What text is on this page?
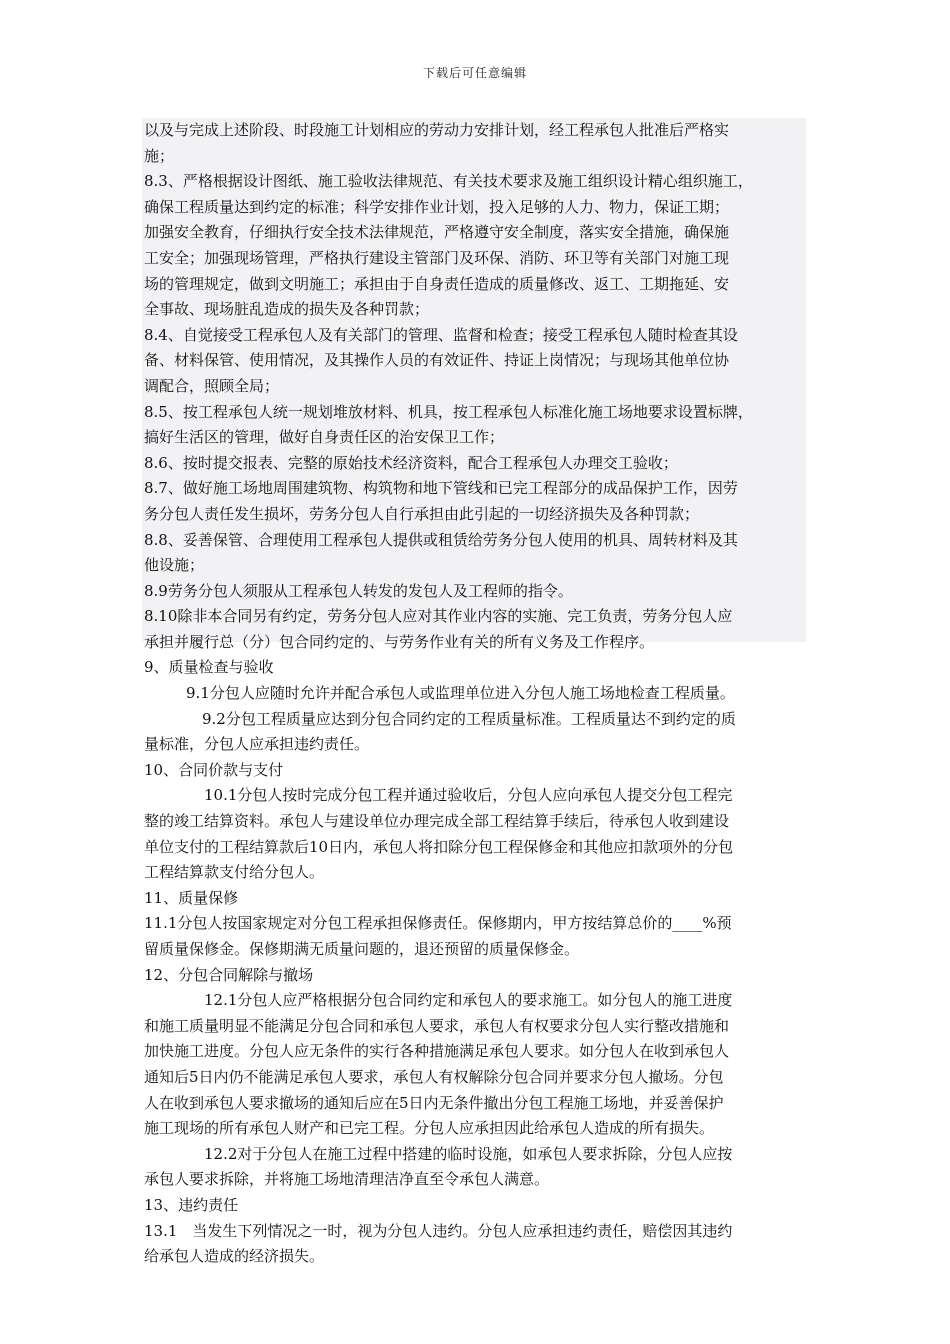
下载后可任意编辑
以及与完成上述阶段、时段施工计划相应的劳动力安排计划，经工程承包人批准后严格实
施；
8.3、严格根据设计图纸、施工验收法律规范、有关技术要求及施工组织设计精心组织施工，
确保工程质量达到约定的标准；科学安排作业计划，投入足够的人力、物力，保证工期；
加强安全教育，仔细执行安全技术法律规范，严格遵守安全制度，落实安全措施，确保施
工安全；加强现场管理，严格执行建设主管部门及环保、消防、环卫等有关部门对施工现
场的管理规定，做到文明施工；承担由于自身责任造成的质量修改、返工、工期拖延、安
全事故、现场脏乱造成的损失及各种罚款；
8.4、自觉接受工程承包人及有关部门的管理、监督和检查；接受工程承包人随时检查其设
备、材料保管、使用情况，及其操作人员的有效证件、持证上岗情况；与现场其他单位协
调配合，照顾全局；
8.5、按工程承包人统一规划堆放材料、机具，按工程承包人标准化施工场地要求设置标牌，
搞好生活区的管理，做好自身责任区的治安保卫工作；
8.6、按时提交报表、完整的原始技术经济资料，配合工程承包人办理交工验收；
8.7、做好施工场地周围建筑物、构筑物和地下管线和已完工程部分的成品保护工作，因劳
务分包人责任发生损坏，劳务分包人自行承担由此引起的一切经济损失及各种罚款；
8.8、妥善保管、合理使用工程承包人提供或租赁给劳务分包人使用的机具、周转材料及其
他设施；
8.9劳务分包人须服从工程承包人转发的发包人及工程师的指令。
8.10除非本合同另有约定，劳务分包人应对其作业内容的实施、完工负责，劳务分包人应
承担并履行总（分）包合同约定的、与劳务作业有关的所有义务及工作程序。
9、质量检查与验收
9.1分包人应随时允许并配合承包人或监理单位进入分包人施工场地检查工程质量。
9.2分包工程质量应达到分包合同约定的工程质量标准。工程质量达不到约定的质
量标准，分包人应承担违约责任。
10、合同价款与支付
10.1分包人按时完成分包工程并通过验收后，分包人应向承包人提交分包工程完
整的竣工结算资料。承包人与建设单位办理完成全部工程结算手续后，待承包人收到建设
单位支付的工程结算款后10日内，承包人将扣除分包工程保修金和其他应扣款项外的分包
工程结算款支付给分包人。
11、质量保修
11.1分包人按国家规定对分包工程承担保修责任。保修期内，甲方按结算总价的____%预
留质量保修金。保修期满无质量问题的，退还预留的质量保修金。
12、分包合同解除与撤场
12.1分包人应严格根据分包合同约定和承包人的要求施工。如分包人的施工进度
和施工质量明显不能满足分包合同和承包人要求，承包人有权要求分包人实行整改措施和
加快施工进度。分包人应无条件的实行各种措施满足承包人要求。如分包人在收到承包人
通知后5日内仍不能满足承包人要求，承包人有权解除分包合同并要求分包人撤场。分包
人在收到承包人要求撤场的通知后应在5日内无条件撤出分包工程施工场地，并妥善保护
施工现场的所有承包人财产和已完工程。分包人应承担因此给承包人造成的所有损失。
12.2对于分包人在施工过程中搭建的临时设施，如承包人要求拆除，分包人应按
承包人要求拆除，并将施工场地清理洁净直至令承包人满意。
13、违约责任
13.1　当发生下列情况之一时，视为分包人违约。分包人应承担违约责任，赔偿因其违约
给承包人造成的经济损失。
